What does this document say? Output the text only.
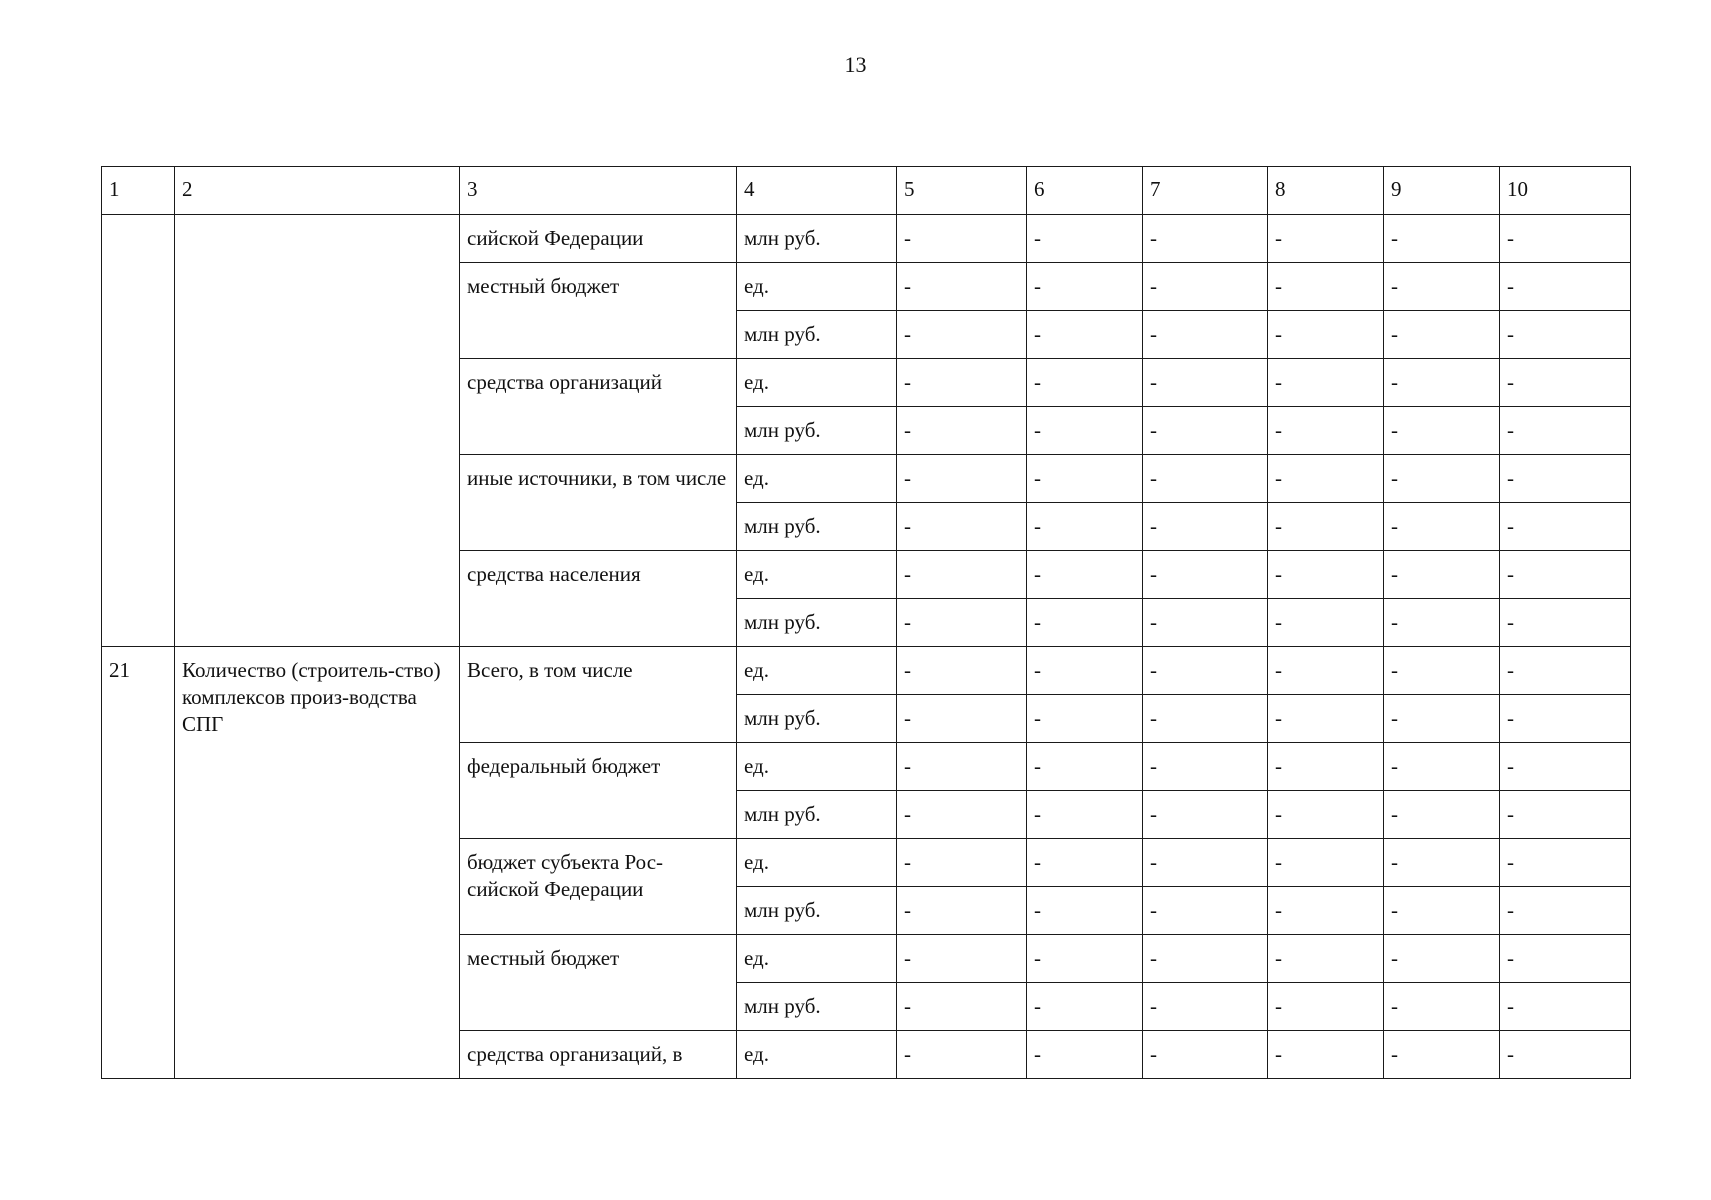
13
1	2	3	4	5	6	7	8	9	10
		сийской Федерации	млн руб.	-	-	-	-	-	-
		местный бюджет	ед.	-	-	-	-	-	-
			млн руб.	-	-	-	-	-	-
		средства организаций	ед.	-	-	-	-	-	-
			млн руб.	-	-	-	-	-	-
		иные источники, в том числе	ед.	-	-	-	-	-	-
			млн руб.	-	-	-	-	-	-
		средства населения	ед.	-	-	-	-	-	-
			млн руб.	-	-	-	-	-	-
21	Количество (строитель-ство) комплексов произ-водства СПГ	Всего, в том числе	ед.	-	-	-	-	-	-
			млн руб.	-	-	-	-	-	-
		федеральный бюджет	ед.	-	-	-	-	-	-
			млн руб.	-	-	-	-	-	-
		бюджет субъекта Рос-сийской Федерации	ед.	-	-	-	-	-	-
			млн руб.	-	-	-	-	-	-
		местный бюджет	ед.	-	-	-	-	-	-
			млн руб.	-	-	-	-	-	-
		средства организаций, в	ед.	-	-	-	-	-	-
